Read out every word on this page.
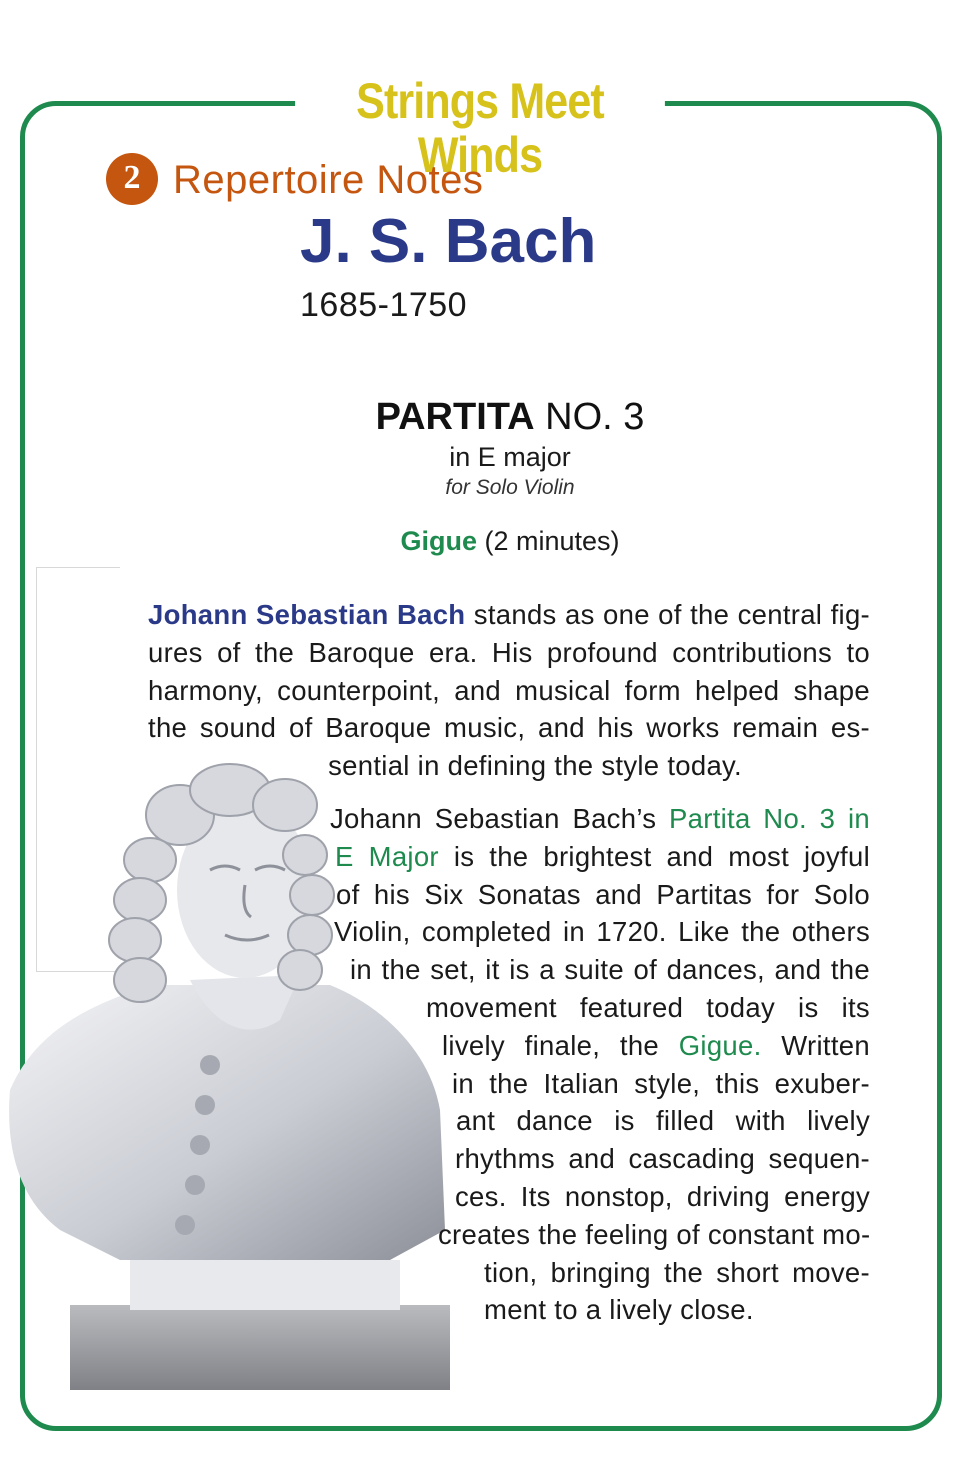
Strings Meet Winds
2 Repertoire Notes
J. S. Bach
1685-1750
PARTITA NO. 3
in E major
for Solo Violin
Gigue (2 minutes)
Johann Sebastian Bach stands as one of the central fig-
ures of the Baroque era. His profound contributions to
harmony, counterpoint, and musical form helped shape
the sound of Baroque music, and his works remain es-
sential in defining the style today.
Johann Sebastian Bach’s Partita No. 3 in
E Major is the brightest and most joyful
of his Six Sonatas and Partitas for Solo
Violin, completed in 1720. Like the others
in the set, it is a suite of dances, and the
movement featured today is its
lively finale, the Gigue. Written
in the Italian style, this exuber-
ant dance is filled with lively
rhythms and cascading sequen-
ces. Its nonstop, driving energy
creates the feeling of constant mo-
tion, bringing the short move-
ment to a lively close.
